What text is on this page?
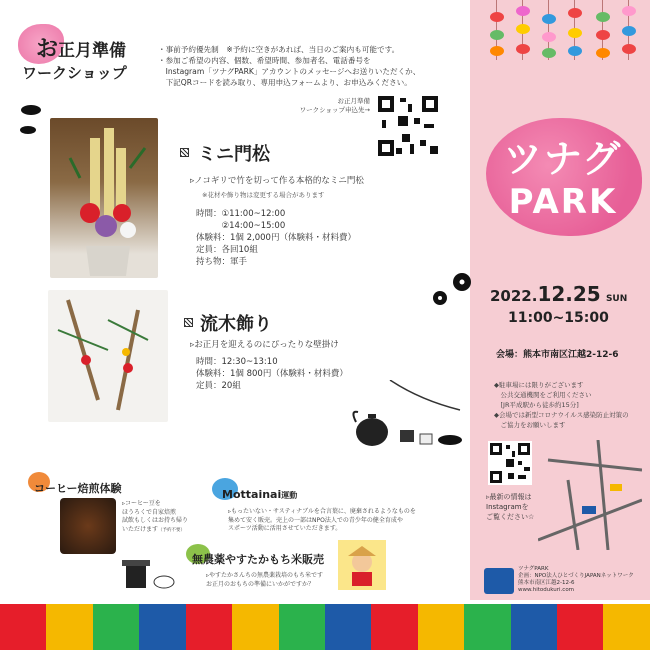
ツナグ
PARK
2022.12.25 SUN
11:00~15:00
会場：熊本市南区江越2-12-6
◆駐車場には限りがございます
　公共交通機関をご利用ください
　[JR平成駅から徒歩約15分]
◆会場では新型コロナウイルス感染防止対策の
　ご協力をお願いします
▹最新の情報は
Instagramを
ご覧ください☆
ツナグPARK
企画：NPO法人ひとづくりJAPANネットワーク
熊本市南区江越2-12-6
www.hitodukuri.com
お正月準備
ワークショップ
・事前予約優先制　※予約に空きがあれば、当日のご案内も可能です。
・参加ご希望の内容、個数、希望時間、参加者名、電話番号を
　Instagram「ツナグPARK」アカウントのメッセージへお送りいただくか、
　下記QRコードを読み取り、専用申込フォームより、お申込みください。
お正月準備
ワークショップ申込先→
ミニ門松
▹ノコギリで竹を切って作る本格的なミニ門松
※花材や飾り物は変更する場合があります
時間：①11:00~12:00
　　　②14:00~15:00
体験料：1個 2,000円（体験料・材料費）
定員：各回10組
持ち物：軍手
流木飾り
▹お正月を迎えるのにぴったりな壁掛け
時間：12:30~13:10
体験料：1個 800円（体験料・材料費）
定員：20組
コーヒー焙煎体験
▹コーヒー豆を
ほうろくで自家焙煎
試飲もしくはお持ち帰り
いただけます（予約不要）
Mottainai運動
▹もったいない・サスティナブルを合言葉に、廃棄されるようなものを
集めて安く販売。売上の一部はNPO法人での青少年の健全育成や
スポーツ活動に活用させていただきます。
無農薬やすたかもち米販売
▹やすたかさんちの無農薬栽培のもち米です
お正月のおもちの準備にいかがですか？
